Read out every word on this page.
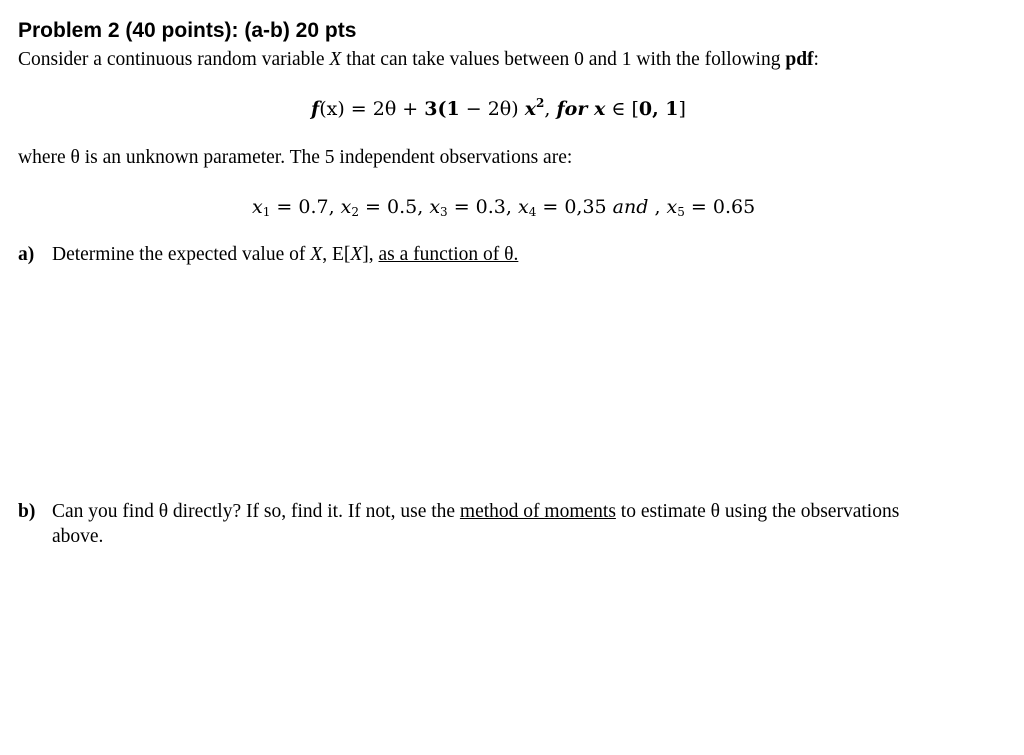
Problem 2 (40 points): (a-b) 20 pts
Consider a continuous random variable X that can take values between 0 and 1 with the following pdf:
f(x) = 2θ + 3(1 − 2θ) $x^2$, for x ∈ [0, 1]
where θ is an unknown parameter. The 5 independent observations are:
$x_1 = 0.7$, $x_2 = 0.5$, $x_3 = 0.3$, $x_4 = 0,35$ and , $x_5 = 0.65$
a) Determine the expected value of X, E[X], as a function of θ.
b) Can you find θ directly? If so, find it. If not, use the method of moments to estimate θ using the observations
above.
